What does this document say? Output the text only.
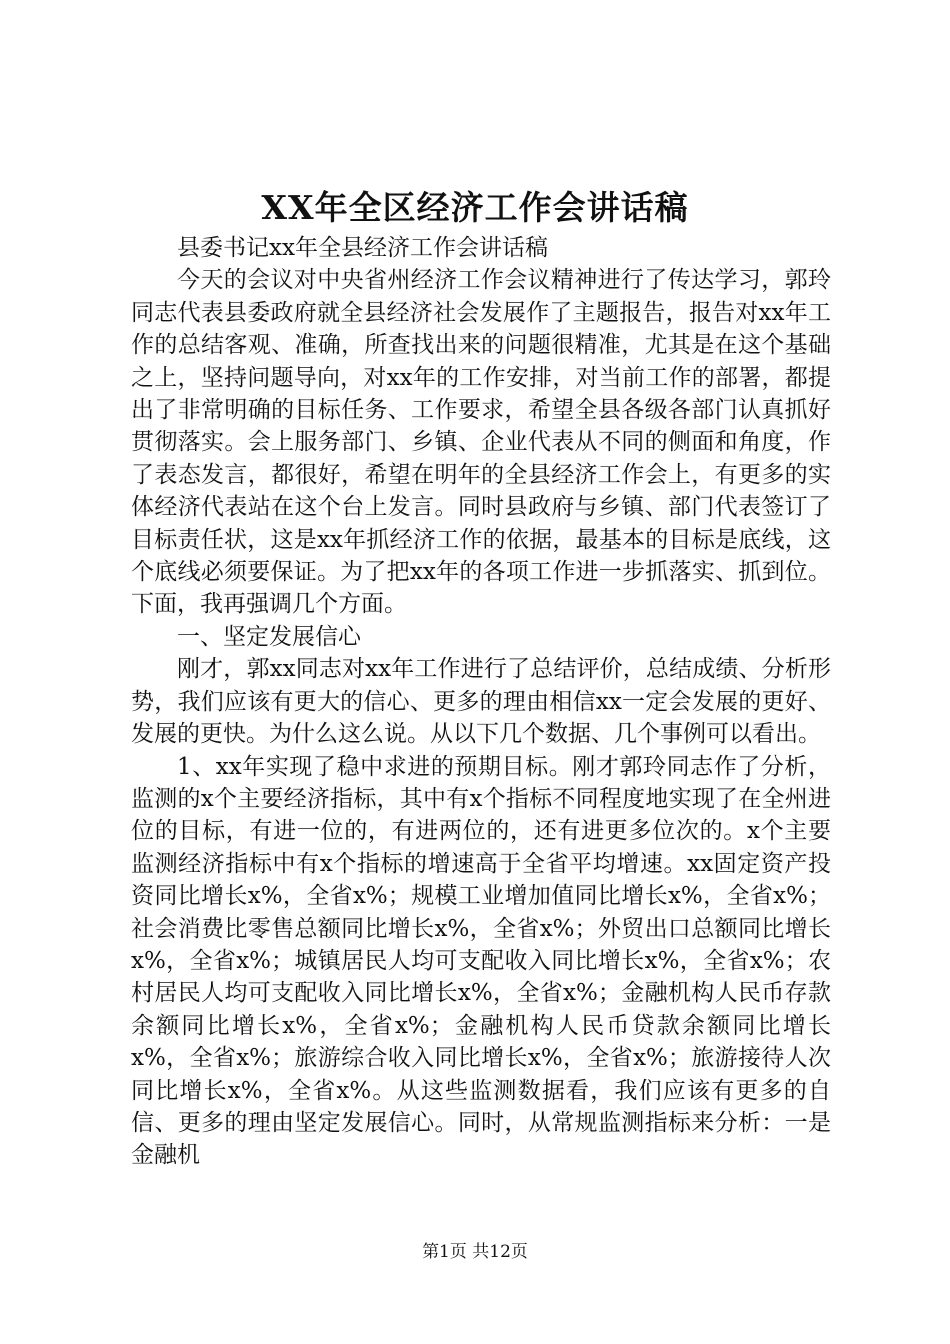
XX年全区经济工作会讲话稿

县委书记xx年全县经济工作会讲话稿

今天的会议对中央省州经济工作会议精神进行了传达学习，郭玲同志代表县委政府就全县经济社会发展作了主题报告，报告对xx年工作的总结客观、准确，所查找出来的问题很精准，尤其是在这个基础之上，坚持问题导向，对xx年的工作安排，对当前工作的部署，都提出了非常明确的目标任务、工作要求，希望全县各级各部门认真抓好贯彻落实。会上服务部门、乡镇、企业代表从不同的侧面和角度，作了表态发言，都很好，希望在明年的全县经济工作会上，有更多的实体经济代表站在这个台上发言。同时县政府与乡镇、部门代表签订了目标责任状，这是xx年抓经济工作的依据，最基本的目标是底线，这个底线必须要保证。为了把xx年的各项工作进一步抓落实、抓到位。下面，我再强调几个方面。

一、坚定发展信心

刚才，郭xx同志对xx年工作进行了总结评价，总结成绩、分析形势，我们应该有更大的信心、更多的理由相信xx一定会发展的更好、发展的更快。为什么这么说。从以下几个数据、几个事例可以看出。

1、xx年实现了稳中求进的预期目标。刚才郭玲同志作了分析，监测的x个主要经济指标，其中有x个指标不同程度地实现了在全州进位的目标，有进一位的，有进两位的，还有进更多位次的。x个主要监测经济指标中有x个指标的增速高于全省平均增速。xx固定资产投资同比增长x%，全省x%；规模工业增加值同比增长x%，全省x%；社会消费比零售总额同比增长x%，全省x%；外贸出口总额同比增长x%，全省x%；城镇居民人均可支配收入同比增长x%，全省x%；农村居民人均可支配收入同比增长x%，全省x%；金融机构人民币存款余额同比增长x%，全省x%；金融机构人民币贷款余额同比增长x%，全省x%；旅游综合收入同比增长x%，全省x%；旅游接待人次同比增长x%，全省x%。从这些监测数据看，我们应该有更多的自信、更多的理由坚定发展信心。同时，从常规监测指标来分析：一是金融机

第1页 共12页
